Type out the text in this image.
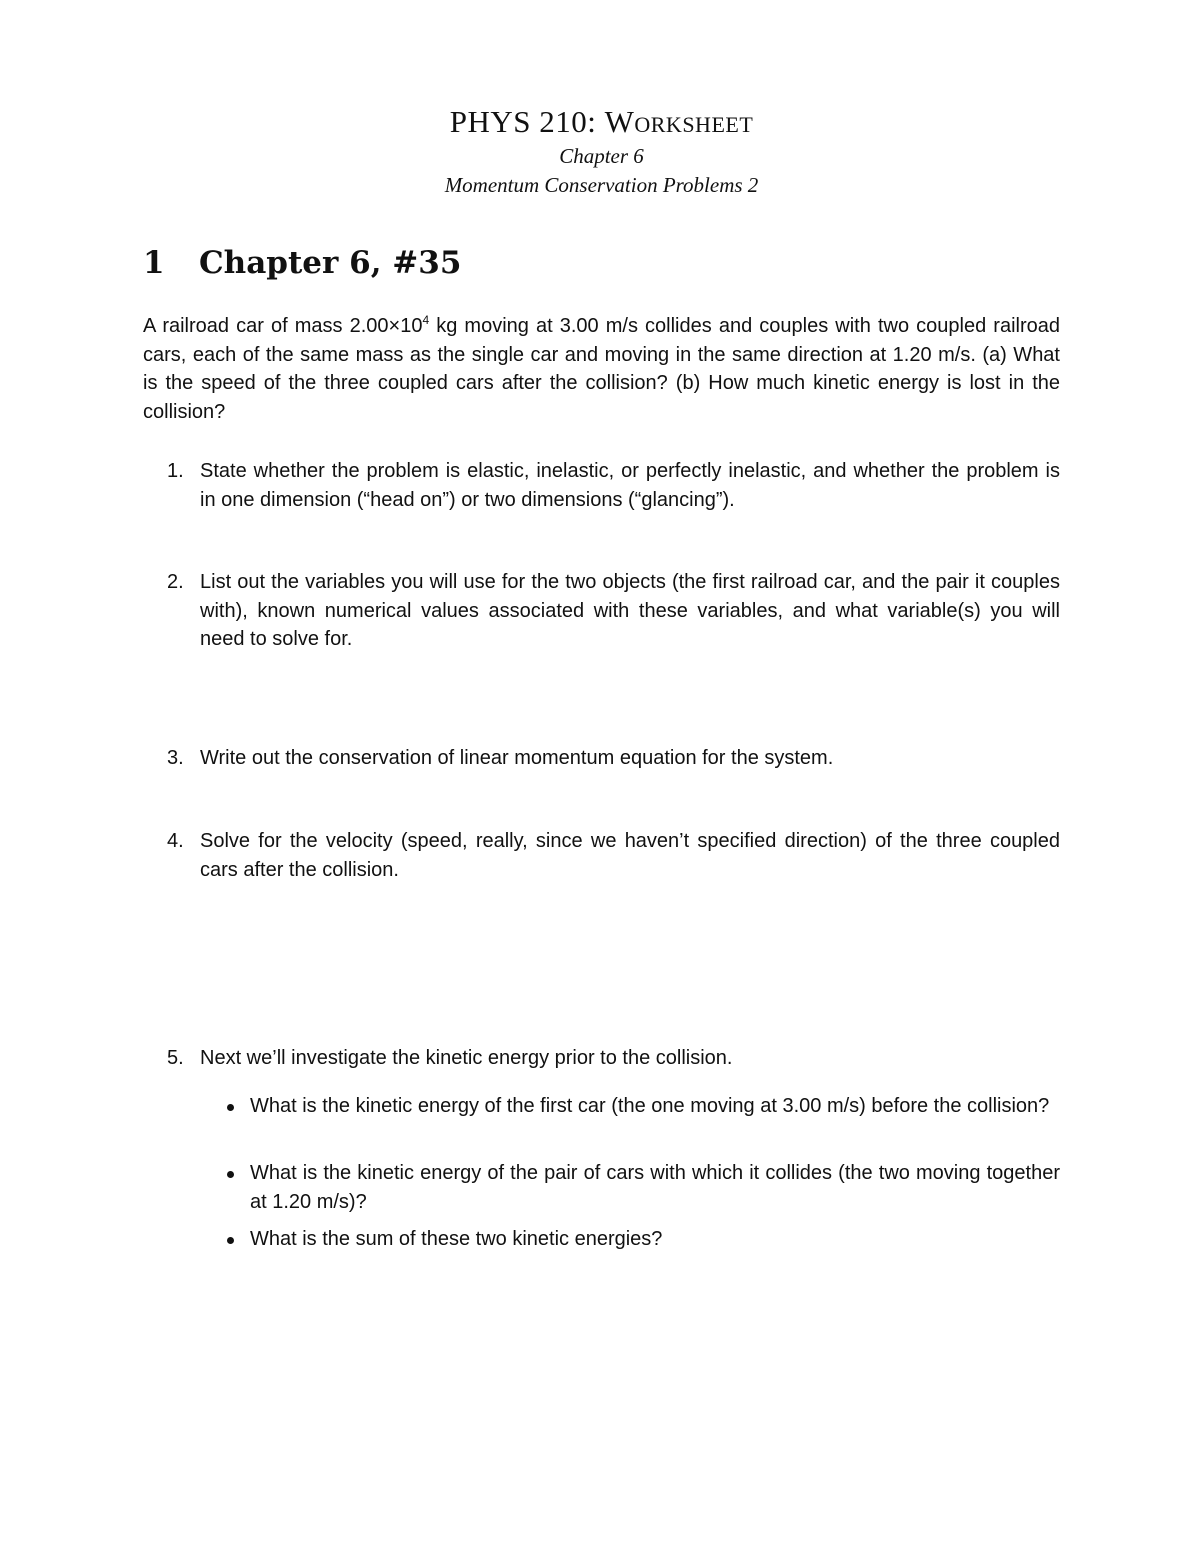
PHYS 210: Worksheet
Chapter 6
Momentum Conservation Problems 2
1 Chapter 6, #35
A railroad car of mass $2.00\times 10^4$ kg moving at 3.00 m/s collides and couples with two coupled railroad cars, each of the same mass as the single car and moving in the same direction at 1.20 m/s. (a) What is the speed of the three coupled cars after the collision? (b) How much kinetic energy is lost in the collision?
1. State whether the problem is elastic, inelastic, or perfectly inelastic, and whether the problem is in one dimension (“head on”) or two dimensions (“glancing”).
2. List out the variables you will use for the two objects (the first railroad car, and the pair it couples with), known numerical values associated with these variables, and what variable(s) you will need to solve for.
3. Write out the conservation of linear momentum equation for the system.
4. Solve for the velocity (speed, really, since we haven’t specified direction) of the three coupled cars after the collision.
5. Next we’ll investigate the kinetic energy prior to the collision.
What is the kinetic energy of the first car (the one moving at 3.00 m/s) before the collision?
What is the kinetic energy of the pair of cars with which it collides (the two moving together at 1.20 m/s)?
What is the sum of these two kinetic energies?
